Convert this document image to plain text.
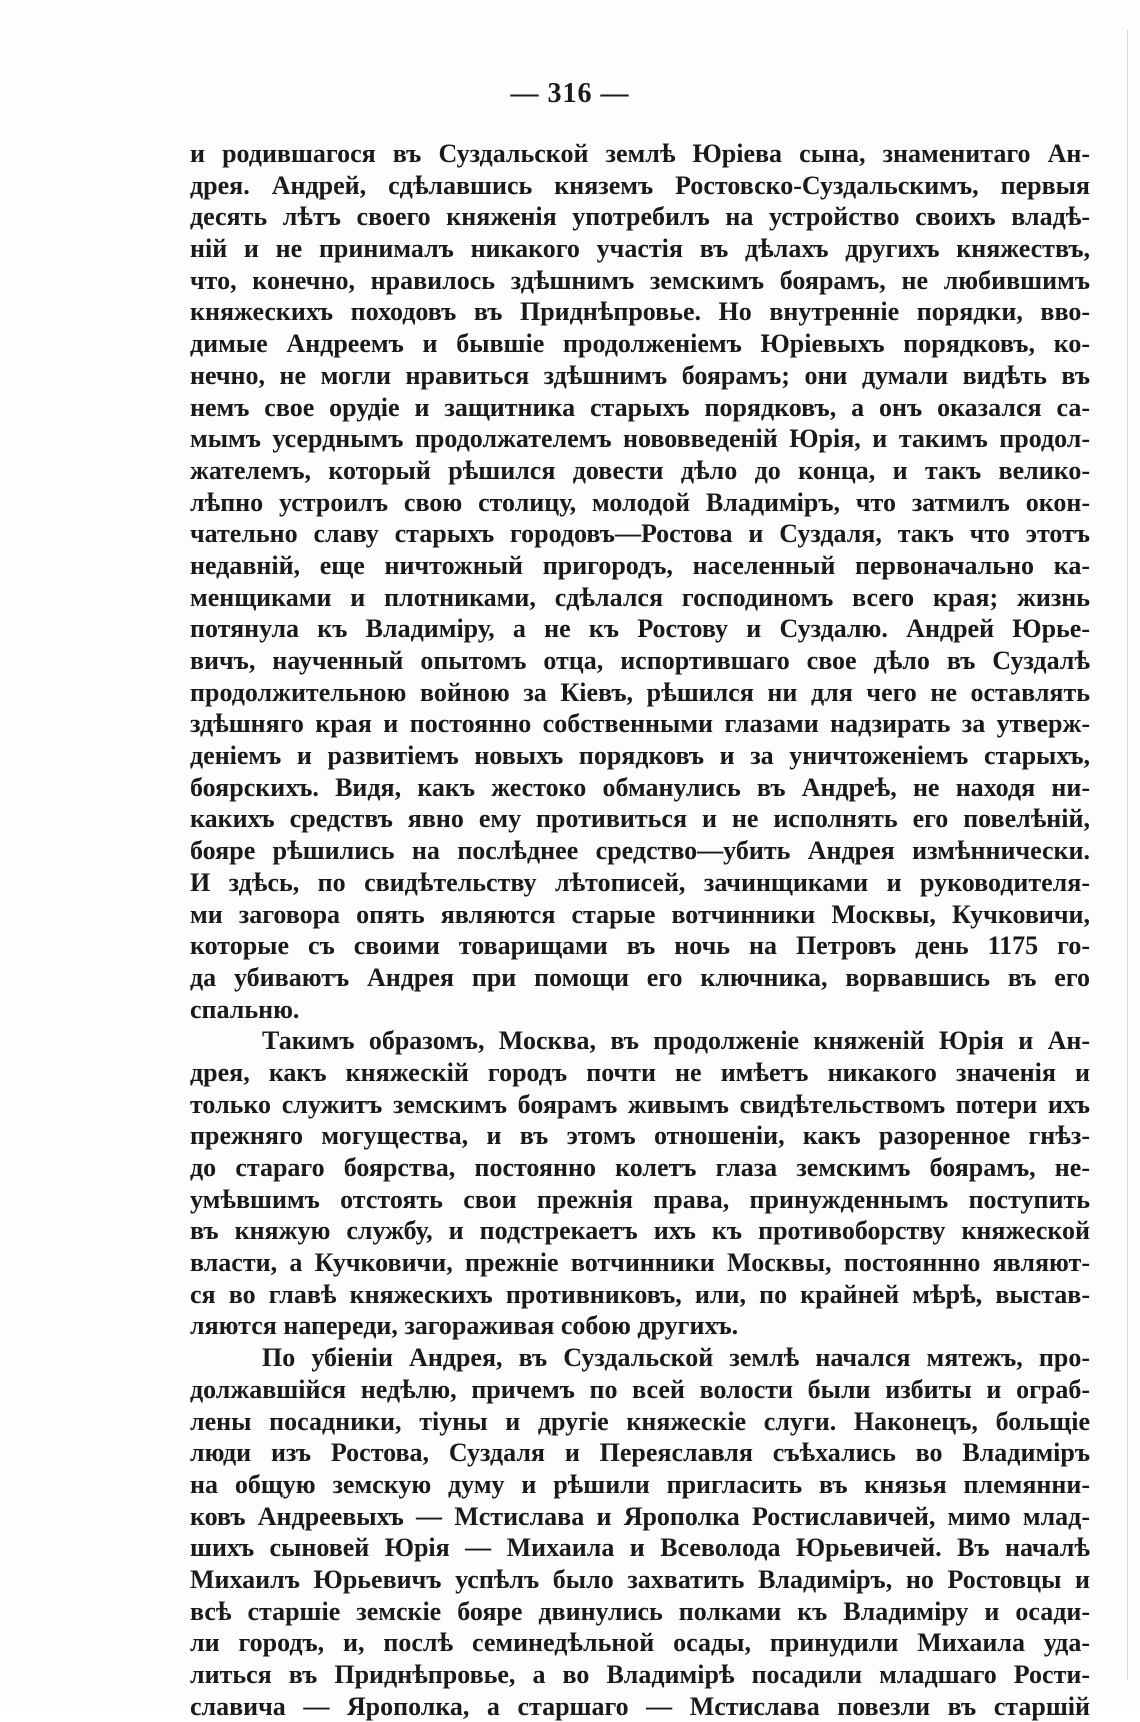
— 316 —
и родившагося въ Суздальской землѣ Юріева сына, знаменитаго Ан-
дрея. Андрей, сдѣлавшись княземъ Ростовско-Суздальскимъ, первыя
десять лѣтъ своего княженія употребилъ на устройство своихъ владѣ-
ній и не принималъ никакого участія въ дѣлахъ другихъ княжествъ,
что, конечно, нравилось здѣшнимъ земскимъ боярамъ, не любившимъ
княжескихъ походовъ въ Приднѣпровье. Но внутренніе порядки, вво-
димые Андреемъ и бывшіе продолженіемъ Юріевыхъ порядковъ, ко-
нечно, не могли нравиться здѣшнимъ боярамъ; они думали видѣть въ
немъ свое орудіе и защитника старыхъ порядковъ, а онъ оказался са-
мымъ усерднымъ продолжателемъ нововведеній Юрія, и такимъ продол-
жателемъ, который рѣшился довести дѣло до конца, и такъ велико-
лѣпно устроилъ свою столицу, молодой Владиміръ, что затмилъ окон-
чательно славу старыхъ городовъ—Ростова и Суздаля, такъ что этотъ
недавній, еще ничтожный пригородъ, населенный первоначально ка-
менщиками и плотниками, сдѣлался господиномъ всего края; жизнь
потянула къ Владиміру, а не къ Ростову и Суздалю. Андрей Юрье-
вичъ, наученный опытомъ отца, испортившаго свое дѣло въ Суздалѣ
продолжительною войною за Кіевъ, рѣшился ни для чего не оставлять
здѣшняго края и постоянно собственными глазами надзирать за утверж-
деніемъ и развитіемъ новыхъ порядковъ и за уничтоженіемъ старыхъ,
боярскихъ. Видя, какъ жестоко обманулись въ Андреѣ, не находя ни-
какихъ средствъ явно ему противиться и не исполнять его повелѣній,
бояре рѣшились на послѣднее средство—убить Андрея измѣннически.
И здѣсь, по свидѣтельству лѣтописей, зачинщиками и руководителя-
ми заговора опять являются старые вотчинники Москвы, Кучковичи,
которые съ своими товарищами въ ночь на Петровъ день 1175 го-
да убиваютъ Андрея при помощи его ключника, ворвавшись въ его
спальню.
Такимъ образомъ, Москва, въ продолженіе княженій Юрія и Ан-
дрея, какъ княжескій городъ почти не имѣетъ никакого значенія и
только служитъ земскимъ боярамъ живымъ свидѣтельствомъ потери ихъ
прежняго могущества, и въ этомъ отношеніи, какъ разоренное гнѣз-
до стараго боярства, постоянно колетъ глаза земскимъ боярамъ, не-
умѣвшимъ отстоять свои прежнія права, принужденнымъ поступить
въ княжую службу, и подстрекаетъ ихъ къ противоборству княжеской
власти, а Кучковичи, прежніе вотчинники Москвы, постояннно являют-
ся во главѣ княжескихъ противниковъ, или, по крайней мѣрѣ, выстав-
ляются напереди, загораживая собою другихъ.
По убіеніи Андрея, въ Суздальской землѣ начался мятежъ, про-
должавшійся недѣлю, причемъ по всей волости были избиты и ограб-
лены посадники, тіуны и другіе княжескіе слуги. Наконецъ, больщіе
люди изъ Ростова, Суздаля и Переяславля съѣхались во Владиміръ
на общую земскую думу и рѣшили пригласить въ князья племянни-
ковъ Андреевыхъ — Мстислава и Ярополка Ростиславичей, мимо млад-
шихъ сыновей Юрія — Михаила и Всеволода Юрьевичей. Въ началѣ
Михаилъ Юрьевичъ успѣлъ было захватить Владиміръ, но Ростовцы и
всѣ старшіе земскіе бояре двинулись полками къ Владиміру и осади-
ли городъ, и, послѣ семинедѣльной осады, принудили Михаила уда-
литься въ Приднѣпровье, а во Владимірѣ посадили младшаго Рости-
славича — Ярополка, а старшаго — Мстислава повезли въ старшій
